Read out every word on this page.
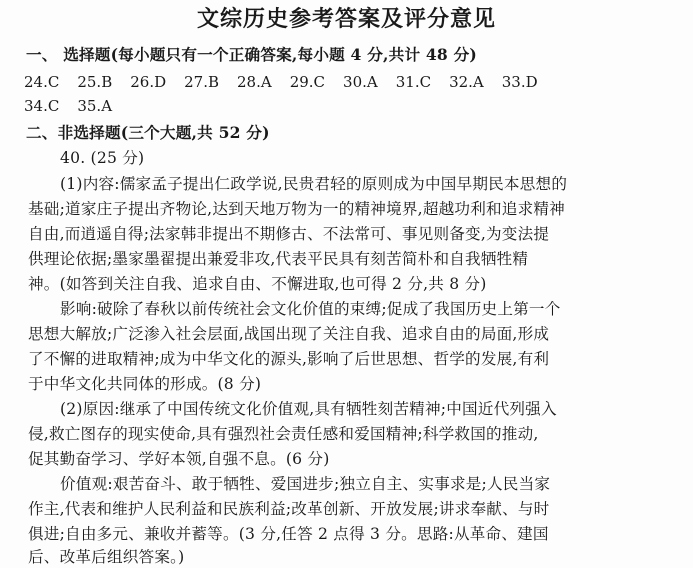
文综历史参考答案及评分意见
一、 选择题(每小题只有一个正确答案,每小题 4 分,共计 48 分)
24.C 25.B 26.D 27.B 28.A 29.C 30.A 31.C 32.A 33.D
34.C 35.A
二、非选择题(三个大题,共 52 分)
40. (25 分)
(1)内容:儒家孟子提出仁政学说,民贵君轻的原则成为中国早期民本思想的
基础;道家庄子提出齐物论,达到天地万物为一的精神境界,超越功利和追求精神
自由,而逍遥自得;法家韩非提出不期修古、不法常可、事见则备变,为变法提
供理论依据;墨家墨翟提出兼爱非攻,代表平民具有刻苦简朴和自我牺牲精
神。(如答到关注自我、追求自由、不懈进取,也可得 2 分,共 8 分)
影响:破除了春秋以前传统社会文化价值的束缚;促成了我国历史上第一个
思想大解放;广泛渗入社会层面,战国出现了关注自我、追求自由的局面,形成
了不懈的进取精神;成为中华文化的源头,影响了后世思想、哲学的发展,有利
于中华文化共同体的形成。(8 分)
(2)原因:继承了中国传统文化价值观,具有牺牲刻苦精神;中国近代列强入
侵,救亡图存的现实使命,具有强烈社会责任感和爱国精神;科学救国的推动,
促其勤奋学习、学好本领,自强不息。(6 分)
价值观:艰苦奋斗、敢于牺牲、爱国进步;独立自主、实事求是;人民当家
作主,代表和维护人民利益和民族利益;改革创新、开放发展;讲求奉献、与时
俱进;自由多元、兼收并蓄等。(3 分,任答 2 点得 3 分。思路:从革命、建国
后、改革后组织答案。)
